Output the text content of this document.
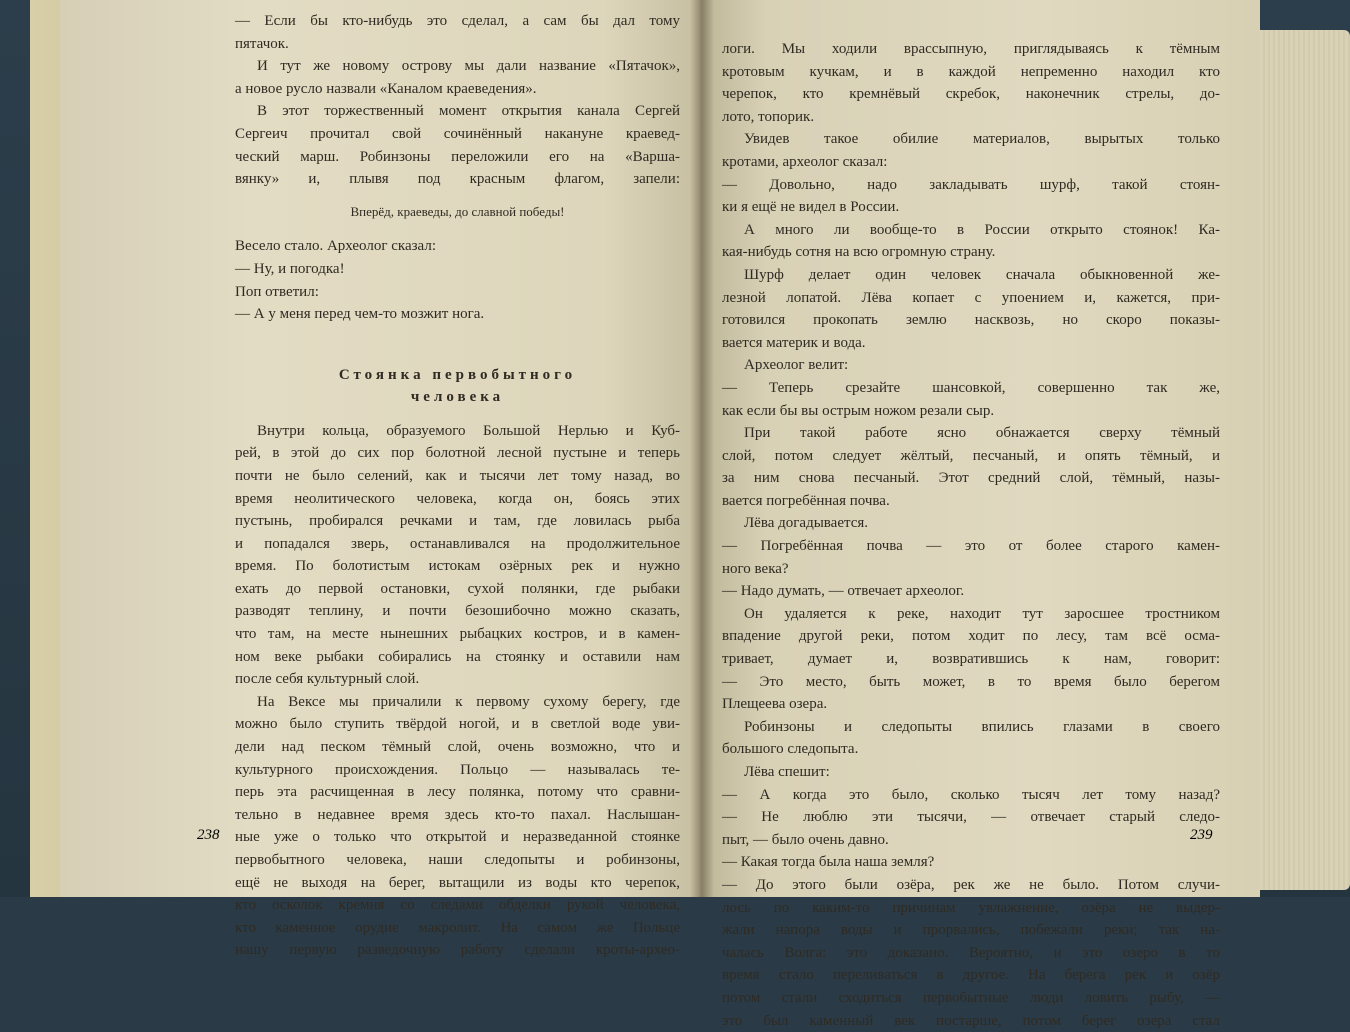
— Если бы кто-нибудь это сделал, а сам бы дал тому
пятачок.
И тут же новому острову мы дали название «Пятачок»,
а новое русло назвали «Каналом краеведения».
В этот торжественный момент открытия канала Сергей
Сергеич прочитал свой сочинённый накануне краевед-
ческий марш. Робинзоны переложили его на «Варша-
вянку» и, плывя под красным флагом, запели:
Вперёд, краеведы, до славной победы!
Весело стало. Археолог сказал:
— Ну, и погодка!
Поп ответил:
— А у меня перед чем-то мозжит нога.
Стоянка первобытного
человека
Внутри кольца, образуемого Большой Нерлью и Куб-
рей, в этой до сих пор болотной лесной пустыне и теперь
почти не было селений, как и тысячи лет тому назад, во
время неолитического человека, когда он, боясь этих
пустынь, пробирался речками и там, где ловилась рыба
и попадался зверь, останавливался на продолжительное
время. По болотистым истокам озёрных рек и нужно
ехать до первой остановки, сухой полянки, где рыбаки
разводят теплину, и почти безошибочно можно сказать,
что там, на месте нынешних рыбацких костров, и в камен-
ном веке рыбаки собирались на стоянку и оставили нам
после себя культурный слой.
На Вексе мы причалили к первому сухому берегу, где
можно было ступить твёрдой ногой, и в светлой воде уви-
дели над песком тёмный слой, очень возможно, что и
культурного происхождения. Польцо — называлась те-
перь эта расчищенная в лесу полянка, потому что сравни-
тельно в недавнее время здесь кто-то пахал. Наслышан-
ные уже о только что открытой и неразведанной стоянке
первобытного человека, наши следопыты и робинзоны,
ещё не выходя на берег, вытащили из воды кто черепок,
кто осколок кремня со следами обделки рукой человека,
кто каменное орудие макролит. На самом же Польце
нашу первую разведочную работу сделали кроты-архео-
логи. Мы ходили врассыпную, приглядываясь к тёмным
кротовым кучкам, и в каждой непременно находил кто
черепок, кто кремнёвый скребок, наконечник стрелы, до-
лото, топорик.
Увидев такое обилие материалов, вырытых только
кротами, археолог сказал:
— Довольно, надо закладывать шурф, такой стоян-
ки я ещё не видел в России.
А много ли вообще-то в России открыто стоянок! Ка-
кая-нибудь сотня на всю огромную страну.
Шурф делает один человек сначала обыкновенной же-
лезной лопатой. Лёва копает с упоением и, кажется, при-
готовился прокопать землю насквозь, но скоро показы-
вается материк и вода.
Археолог велит:
— Теперь срезайте шансовкой, совершенно так же,
как если бы вы острым ножом резали сыр.
При такой работе ясно обнажается сверху тёмный
слой, потом следует жёлтый, песчаный, и опять тёмный, и
за ним снова песчаный. Этот средний слой, тёмный, назы-
вается погребённая почва.
Лёва догадывается.
— Погребённая почва — это от более старого камен-
ного века?
— Надо думать, — отвечает археолог.
Он удаляется к реке, находит тут заросшее тростником
впадение другой реки, потом ходит по лесу, там всё осма-
тривает, думает и, возвратившись к нам, говорит:
— Это место, быть может, в то время было берегом
Плещеева озера.
Робинзоны и следопыты впились глазами в своего
большого следопыта.
Лёва спешит:
— А когда это было, сколько тысяч лет тому назад?
— Не люблю эти тысячи, — отвечает старый следо-
пыт, — было очень давно.
— Какая тогда была наша земля?
— До этого были озёра, рек же не было. Потом случи-
лось по каким-то причинам увлажнение, озёра не выдер-
жали напора воды и прорвались, побежали реки; так на-
чалась Волга: это доказано. Вероятно, и это озеро в то
время стало переливаться в другое. На берега рек и озёр
потом стали сходиться первобытные люди ловить рыбу, —
это был каменный век постарше, потом берег озера стал
238	239
